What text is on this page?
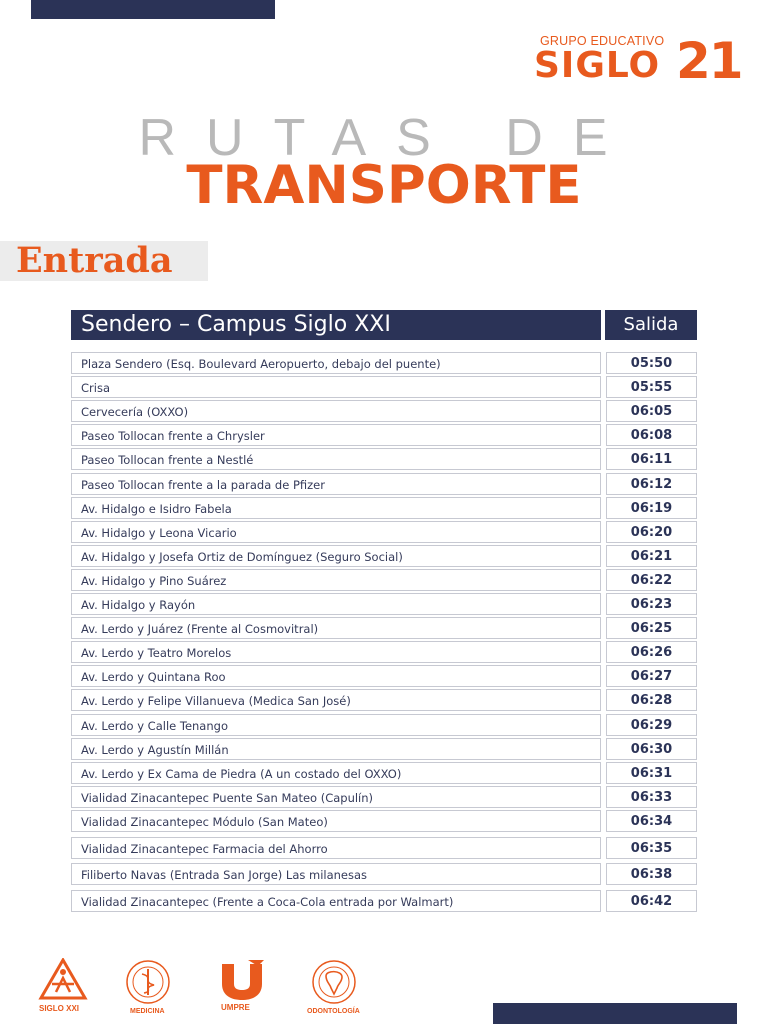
GRUPO EDUCATIVO
SIGLO 21
RUTAS DE
TRANSPORTE
Entrada
Sendero – Campus Siglo XXI	Salida
Plaza Sendero (Esq. Boulevard Aeropuerto, debajo del puente)	05:50
Crisa	05:55
Cervecería (OXXO)	06:05
Paseo Tollocan frente a Chrysler	06:08
Paseo Tollocan frente a Nestlé	06:11
Paseo Tollocan frente a la parada de Pfizer	06:12
Av. Hidalgo e Isidro Fabela	06:19
Av. Hidalgo y Leona Vicario	06:20
Av. Hidalgo y Josefa Ortiz de Domínguez (Seguro Social)	06:21
Av. Hidalgo y Pino Suárez	06:22
Av. Hidalgo y Rayón	06:23
Av. Lerdo y Juárez (Frente al Cosmovitral)	06:25
Av. Lerdo y Teatro Morelos	06:26
Av. Lerdo y Quintana Roo	06:27
Av. Lerdo y Felipe Villanueva (Medica San José)	06:28
Av. Lerdo y Calle Tenango	06:29
Av. Lerdo y Agustín Millán	06:30
Av. Lerdo y Ex Cama de Piedra (A un costado del OXXO)	06:31
Vialidad Zinacantepec Puente San Mateo (Capulín)	06:33
Vialidad Zinacantepec Módulo (San Mateo)	06:34
Vialidad Zinacantepec Farmacia del Ahorro	06:35
Filiberto Navas (Entrada San Jorge) Las milanesas	06:38
Vialidad Zinacantepec (Frente a Coca-Cola entrada por Walmart)	06:42
SIGLO XXI	MEDICINA	UMPRE	ODONTOLOGÍA
